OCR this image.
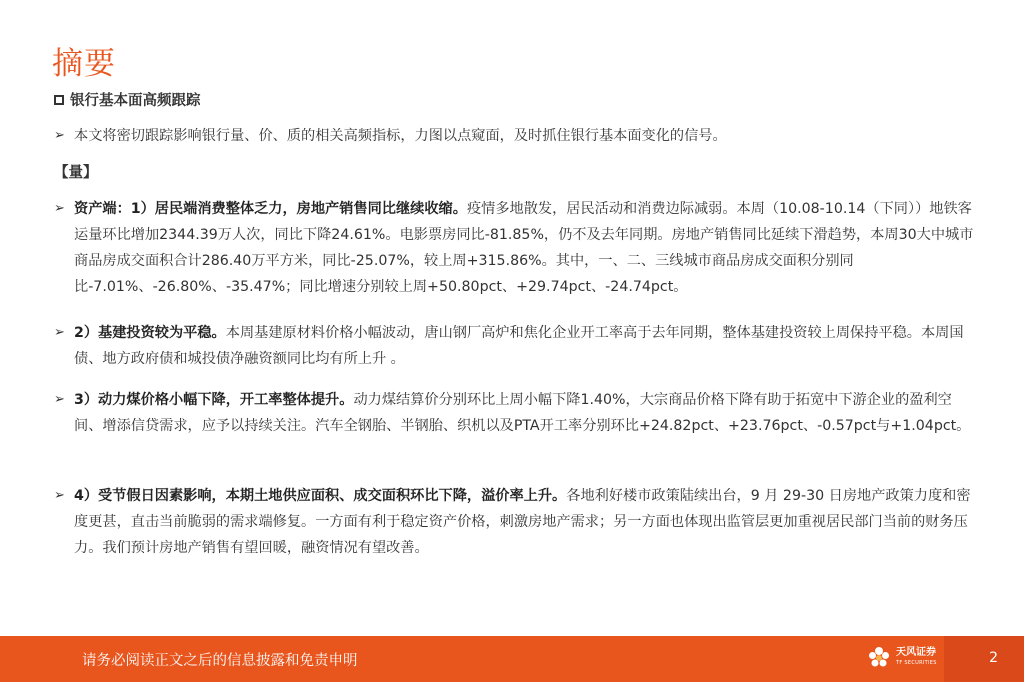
摘要
银行基本面高频跟踪
➢ 本文将密切跟踪影响银行量、价、质的相关高频指标，力图以点窥面，及时抓住银行基本面变化的信号。
【量】
➢ 资产端：1）居民端消费整体乏力，房地产销售同比继续收缩。疫情多地散发，居民活动和消费边际减弱。本周（10.08-10.14（下同））地铁客运量环比增加2344.39万人次，同比下降24.61%。电影票房同比-81.85%，仍不及去年同期。房地产销售同比延续下滑趋势，本周30大中城市商品房成交面积合计286.40万平方米，同比-25.07%，较上周+315.86%。其中，一、二、三线城市商品房成交面积分别同比-7.01%、-26.80%、-35.47%；同比增速分别较上周+50.80pct、+29.74pct、-24.74pct。
➢ 2）基建投资较为平稳。本周基建原材料价格小幅波动，唐山钢厂高炉和焦化企业开工率高于去年同期，整体基建投资较上周保持平稳。本周国债、地方政府债和城投债净融资额同比均有所上升 。
➢ 3）动力煤价格小幅下降，开工率整体提升。动力煤结算价分别环比上周小幅下降1.40%，大宗商品价格下降有助于拓宽中下游企业的盈利空间、增添信贷需求，应予以持续关注。汽车全钢胎、半钢胎、织机以及PTA开工率分别环比+24.82pct、+23.76pct、-0.57pct与+1.04pct。
➢ 4）受节假日因素影响，本期土地供应面积、成交面积环比下降，溢价率上升。各地利好楼市政策陆续出台，9 月 29-30 日房地产政策力度和密度更甚，直击当前脆弱的需求端修复。一方面有利于稳定资产价格，刺激房地产需求；另一方面也体现出监管层更加重视居民部门当前的财务压力。我们预计房地产销售有望回暖，融资情况有望改善。
请务必阅读正文之后的信息披露和免责申明
天风证券
TF SECURITIES	2
